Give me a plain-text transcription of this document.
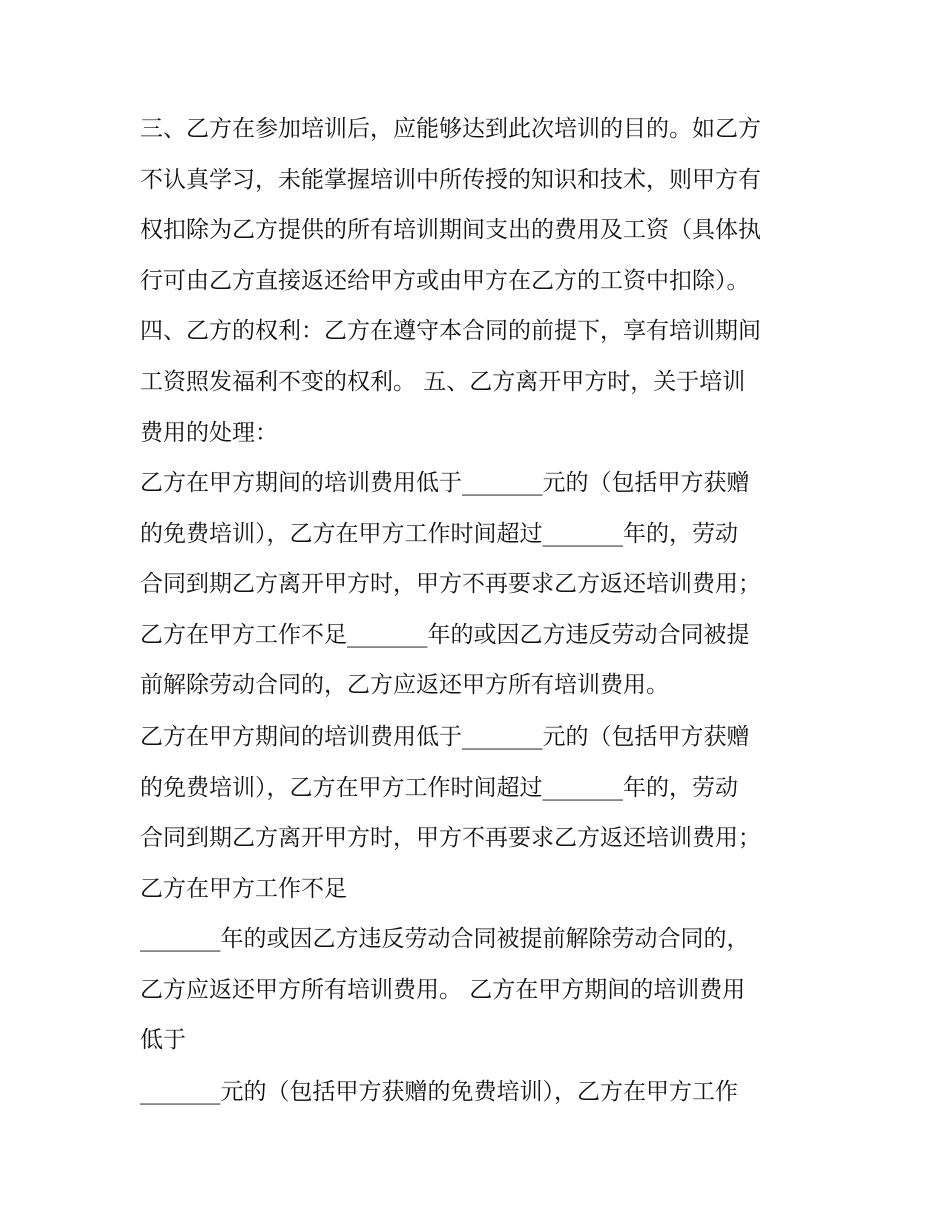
三、乙方在参加培训后，应能够达到此次培训的目的。如乙方
不认真学习，未能掌握培训中所传授的知识和技术，则甲方有
权扣除为乙方提供的所有培训期间支出的费用及工资（具体执
行可由乙方直接返还给甲方或由甲方在乙方的工资中扣除）。
四、乙方的权利：乙方在遵守本合同的前提下，享有培训期间
工资照发福利不变的权利。 五、乙方离开甲方时，关于培训
费用的处理：
乙方在甲方期间的培训费用低于_______元的（包括甲方获赠
的免费培训），乙方在甲方工作时间超过_______年的，劳动
合同到期乙方离开甲方时，甲方不再要求乙方返还培训费用；
乙方在甲方工作不足_______年的或因乙方违反劳动合同被提
前解除劳动合同的，乙方应返还甲方所有培训费用。
乙方在甲方期间的培训费用低于_______元的（包括甲方获赠
的免费培训），乙方在甲方工作时间超过_______年的，劳动
合同到期乙方离开甲方时，甲方不再要求乙方返还培训费用；
乙方在甲方工作不足
_______年的或因乙方违反劳动合同被提前解除劳动合同的，
乙方应返还甲方所有培训费用。 乙方在甲方期间的培训费用
低于
_______元的（包括甲方获赠的免费培训），乙方在甲方工作
